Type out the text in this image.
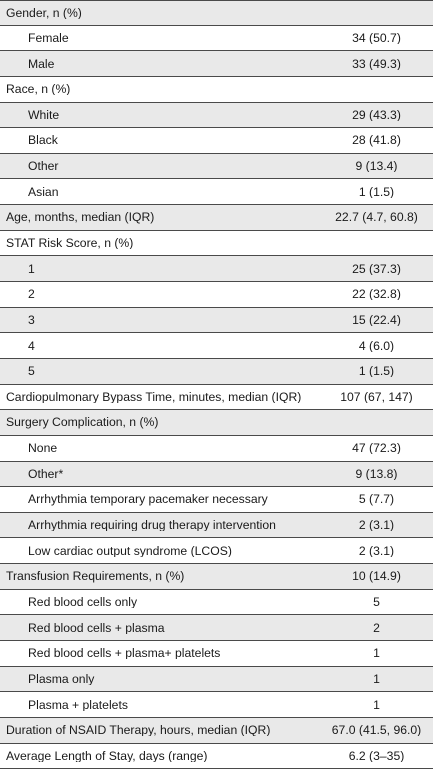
Gender, n (%)
Female	34 (50.7)
Male	33 (49.3)
Race, n (%)
White	29 (43.3)
Black	28 (41.8)
Other	9 (13.4)
Asian	1 (1.5)
Age, months, median (IQR)	22.7 (4.7, 60.8)
STAT Risk Score, n (%)
1	25 (37.3)
2	22 (32.8)
3	15 (22.4)
4	4 (6.0)
5	1 (1.5)
Cardiopulmonary Bypass Time, minutes, median (IQR)	107 (67, 147)
Surgery Complication, n (%)
None	47 (72.3)
Other*	9 (13.8)
Arrhythmia temporary pacemaker necessary	5 (7.7)
Arrhythmia requiring drug therapy intervention	2 (3.1)
Low cardiac output syndrome (LCOS)	2 (3.1)
Transfusion Requirements, n (%)	10 (14.9)
Red blood cells only	5
Red blood cells + plasma	2
Red blood cells + plasma+ platelets	1
Plasma only	1
Plasma + platelets	1
Duration of NSAID Therapy, hours, median (IQR)	67.0 (41.5, 96.0)
Average Length of Stay, days (range)	6.2 (3–35)
